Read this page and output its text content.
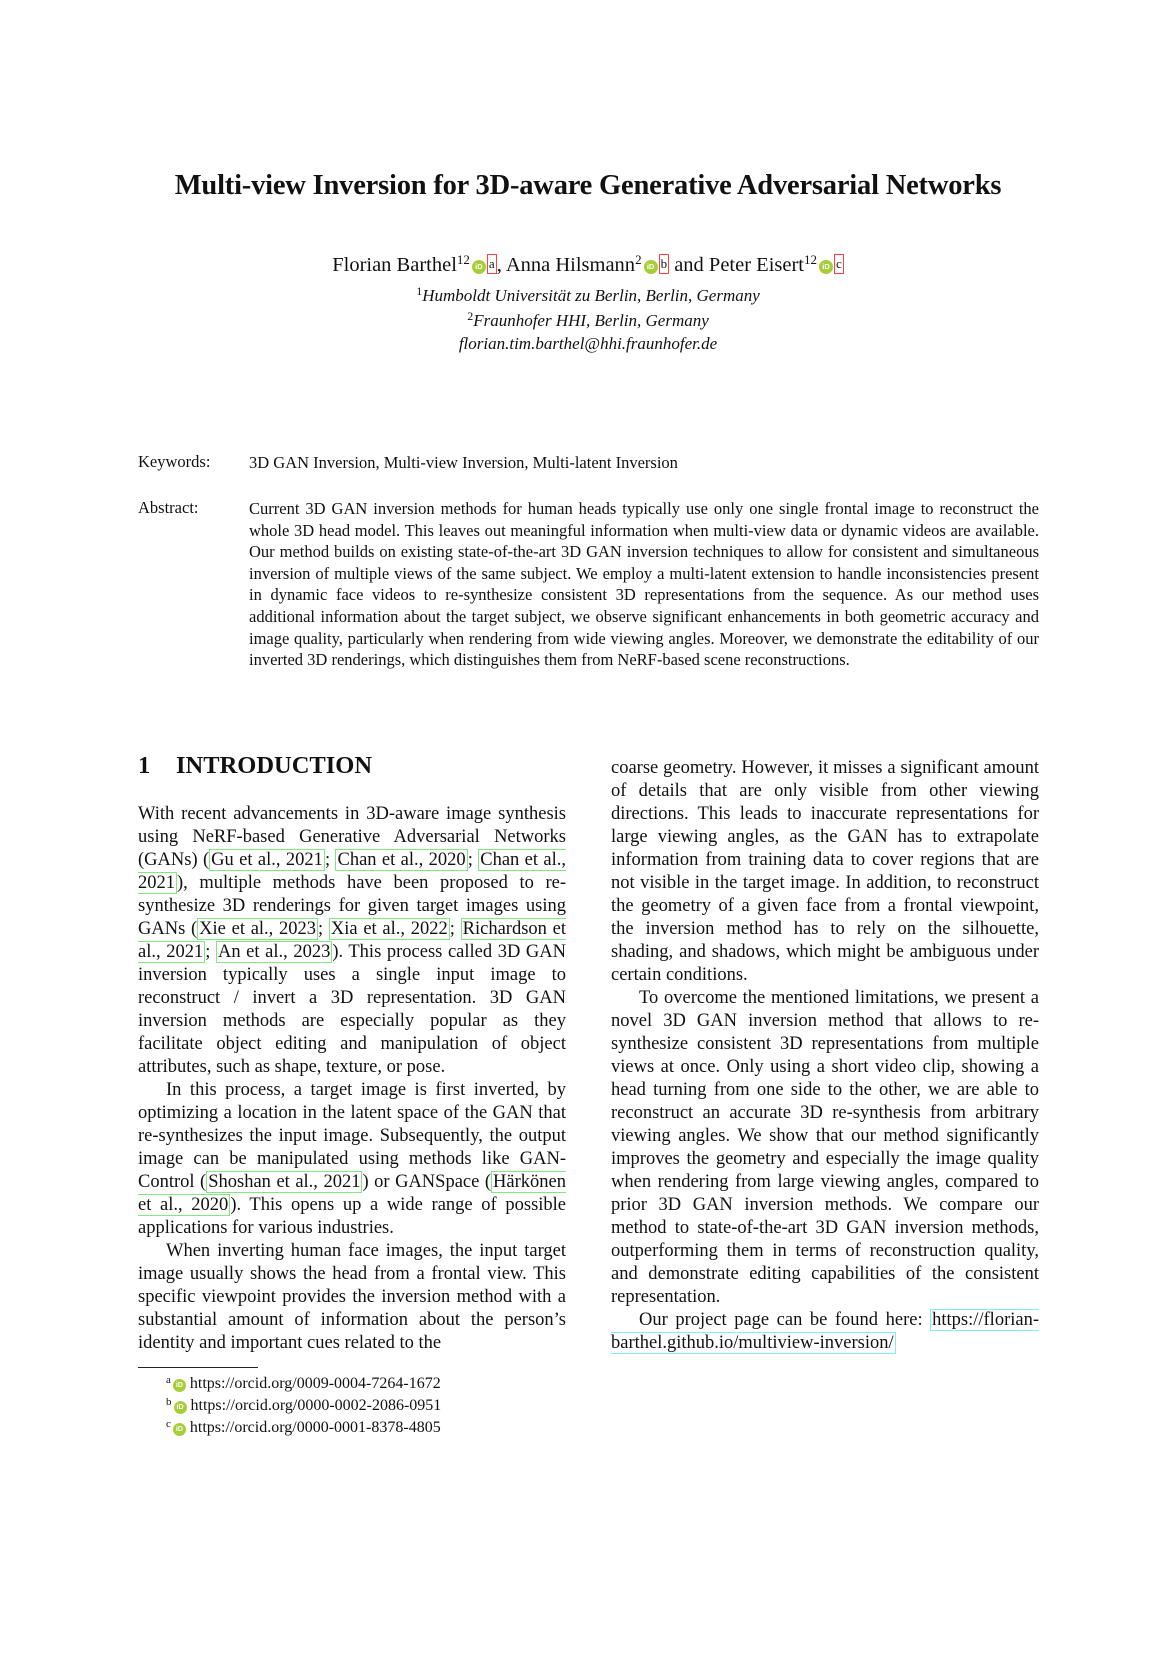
Multi-view Inversion for 3D-aware Generative Adversarial Networks
Florian Barthel$^{12}$ iD a, Anna Hilsmann$^2$ iD b and Peter Eisert$^{12}$ iD c
$^1$Humboldt Universität zu Berlin, Berlin, Germany
$^2$Fraunhofer HHI, Berlin, Germany
florian.tim.barthel@hhi.fraunhofer.de
Keywords: 3D GAN Inversion, Multi-view Inversion, Multi-latent Inversion
Abstract:	Current 3D GAN inversion methods for human heads typically use only one single frontal image to reconstruct the whole 3D head model. This leaves out meaningful information when multi-view data or dynamic videos are available. Our method builds on existing state-of-the-art 3D GAN inversion techniques to allow for consistent and simultaneous inversion of multiple views of the same subject. We employ a multi-latent extension to handle inconsistencies present in dynamic face videos to re-synthesize consistent 3D representations from the sequence. As our method uses additional information about the target subject, we observe significant enhancements in both geometric accuracy and image quality, particularly when rendering from wide viewing angles. Moreover, we demonstrate the editability of our inverted 3D renderings, which distinguishes them from NeRF-based scene reconstructions.
1 INTRODUCTION

With recent advancements in 3D-aware image synthesis using NeRF-based Generative Adversarial Networks (GANs) ( Gu et al., 2021 ; Chan et al., 2020 ; Chan et al., 2021 ), multiple methods have been proposed to re-synthesize 3D renderings for given target images using GANs ( Xie et al., 2023 ; Xia et al., 2022 ; Richardson et al., 2021 ; An et al., 2023 ). This process called 3D GAN inversion typically uses a single input image to reconstruct / invert a 3D representation. 3D GAN inversion methods are especially popular as they facilitate object editing and manipulation of object attributes, such as shape, texture, or pose.

In this process, a target image is first inverted, by optimizing a location in the latent space of the GAN that re-synthesizes the input image. Subsequently, the output image can be manipulated using methods like GAN-Control ( Shoshan et al., 2021 ) or GANSpace ( Härkönen et al., 2020 ). This opens up a wide range of possible applications for various industries.

When inverting human face images, the input target image usually shows the head from a frontal view. This specific viewpoint provides the inversion method with a substantial amount of information about the person’s identity and important cues related to the

coarse geometry. However, it misses a significant amount of details that are only visible from other viewing directions. This leads to inaccurate representations for large viewing angles, as the GAN has to extrapolate information from training data to cover regions that are not visible in the target image. In addition, to reconstruct the geometry of a given face from a frontal viewpoint, the inversion method has to rely on the silhouette, shading, and shadows, which might be ambiguous under certain conditions.

To overcome the mentioned limitations, we present a novel 3D GAN inversion method that allows to re-synthesize consistent 3D representations from multiple views at once. Only using a short video clip, showing a head turning from one side to the other, we are able to reconstruct an accurate 3D re-synthesis from arbitrary viewing angles. We show that our method significantly improves the geometry and especially the image quality when rendering from large viewing angles, compared to prior 3D GAN inversion methods. We compare our method to state-of-the-art 3D GAN inversion methods, outperforming them in terms of reconstruction quality, and demonstrate editing capabilities of the consistent representation.

Our project page can be found here: https://florian-barthel.github.io/multiview-inversion/

$^a$ iD https://orcid.org/0009-0004-7264-1672
$^b$ iD https://orcid.org/0000-0002-2086-0951
$^c$ iD https://orcid.org/0000-0001-8378-4805
